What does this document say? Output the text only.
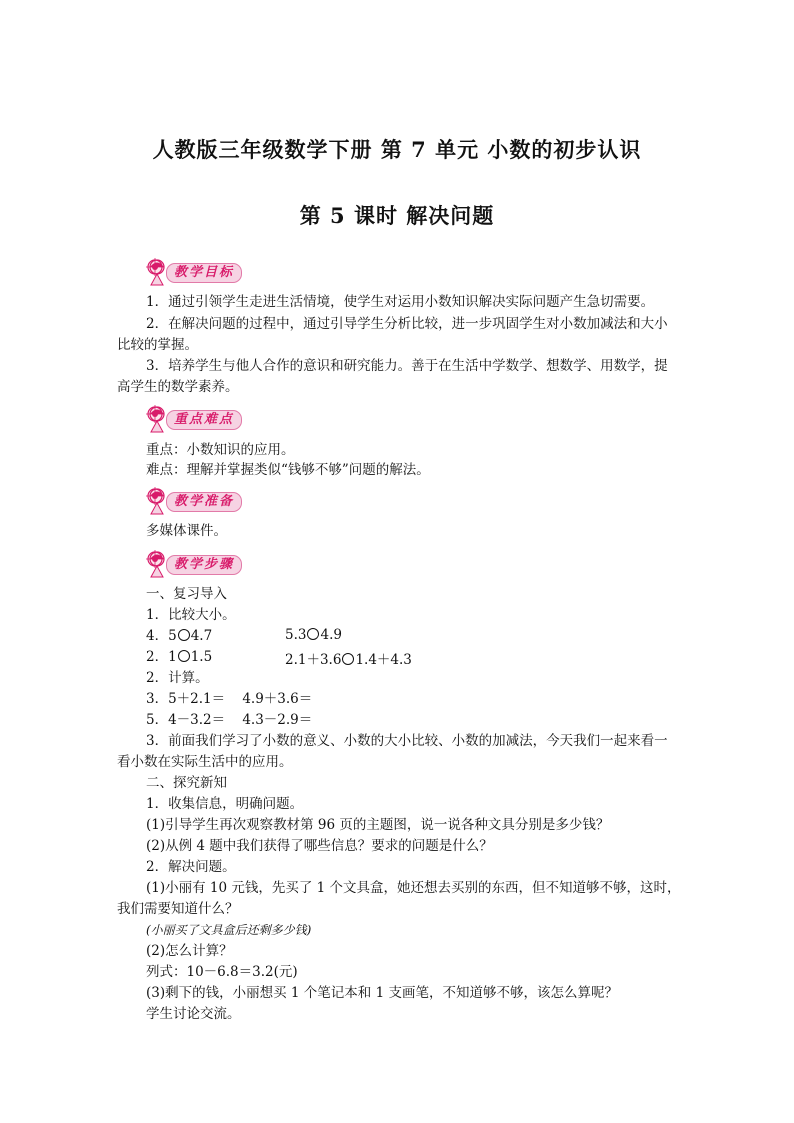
人教版三年级数学下册 第 7 单元 小数的初步认识
第 5 课时 解决问题
教学目标
1．通过引领学生走进生活情境，使学生对运用小数知识解决实际问题产生急切需要。
2．在解决问题的过程中，通过引导学生分析比较，进一步巩固学生对小数加减法和大小
比较的掌握。
3．培养学生与他人合作的意识和研究能力。善于在生活中学数学、想数学、用数学，提
高学生的数学素养。
重点难点
重点：小数知识的应用。
难点：理解并掌握类似“钱够不够”问题的解法。
教学准备
多媒体课件。
教学步骤
一、复习导入
1．比较大小。
4．5 4.7	5.3 4.9
2．1 1.5	2.1＋3.6 1.4＋4.3
2．计算。
3．5＋2.1＝    4.9＋3.6＝
5．4－3.2＝    4.3－2.9＝
3．前面我们学习了小数的意义、小数的大小比较、小数的加减法，今天我们一起来看一
看小数在实际生活中的应用。
二、探究新知
1．收集信息，明确问题。
(1)引导学生再次观察教材第 96 页的主题图，说一说各种文具分别是多少钱？
(2)从例 4 题中我们获得了哪些信息？要求的问题是什么？
2．解决问题。
(1)小丽有 10 元钱，先买了 1 个文具盒，她还想去买别的东西，但不知道够不够，这时，
我们需要知道什么？
(小丽买了文具盒后还剩多少钱)
(2)怎么计算？
列式：10－6.8＝3.2(元)
(3)剩下的钱，小丽想买 1 个笔记本和 1 支画笔，不知道够不够，该怎么算呢？
学生讨论交流。
